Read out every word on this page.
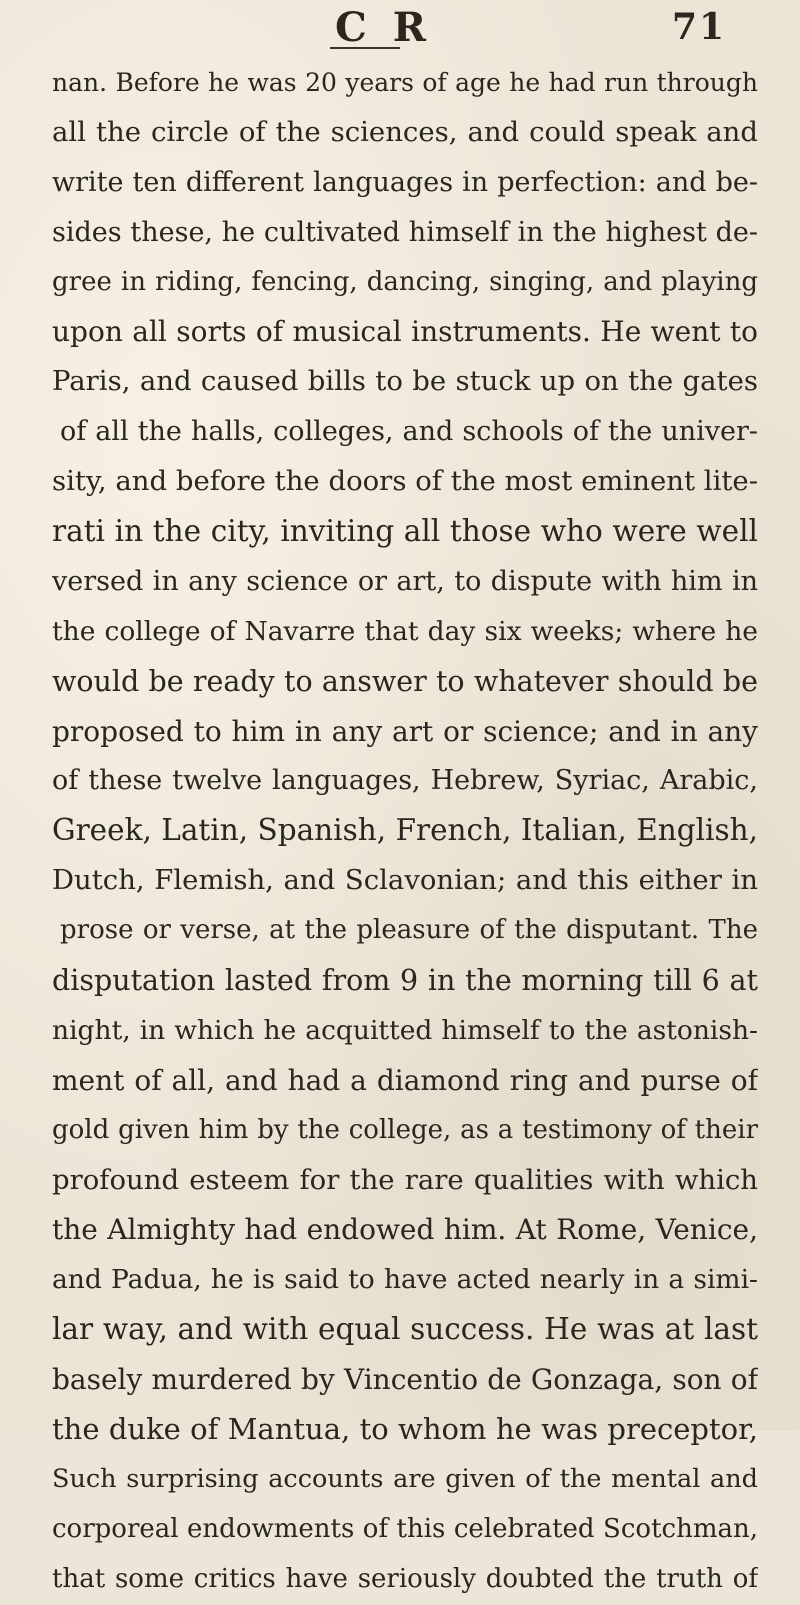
C R	71
nan. Before he was 20 years of age he had run through
all the circle of the sciences, and could speak and
write ten different languages in perfection: and be-
sides these, he cultivated himself in the highest de-
gree in riding, fencing, dancing, singing, and playing
upon all sorts of musical instruments. He went to
Paris, and caused bills to be stuck up on the gates
of all the halls, colleges, and schools of the univer-
sity, and before the doors of the most eminent lite-
rati in the city, inviting all those who were well
versed in any science or art, to dispute with him in
the college of Navarre that day six weeks; where he
would be ready to answer to whatever should be
proposed to him in any art or science; and in any
of these twelve languages, Hebrew, Syriac, Arabic,
Greek, Latin, Spanish, French, Italian, English,
Dutch, Flemish, and Sclavonian; and this either in
prose or verse, at the pleasure of the disputant. The
disputation lasted from 9 in the morning till 6 at
night, in which he acquitted himself to the astonish-
ment of all, and had a diamond ring and purse of
gold given him by the college, as a testimony of their
profound esteem for the rare qualities with which
the Almighty had endowed him. At Rome, Venice,
and Padua, he is said to have acted nearly in a simi-
lar way, and with equal success. He was at last
basely murdered by Vincentio de Gonzaga, son of
the duke of Mantua, to whom he was preceptor,
Such surprising accounts are given of the mental and
corporeal endowments of this celebrated Scotchman,
that some critics have seriously doubted the truth of
